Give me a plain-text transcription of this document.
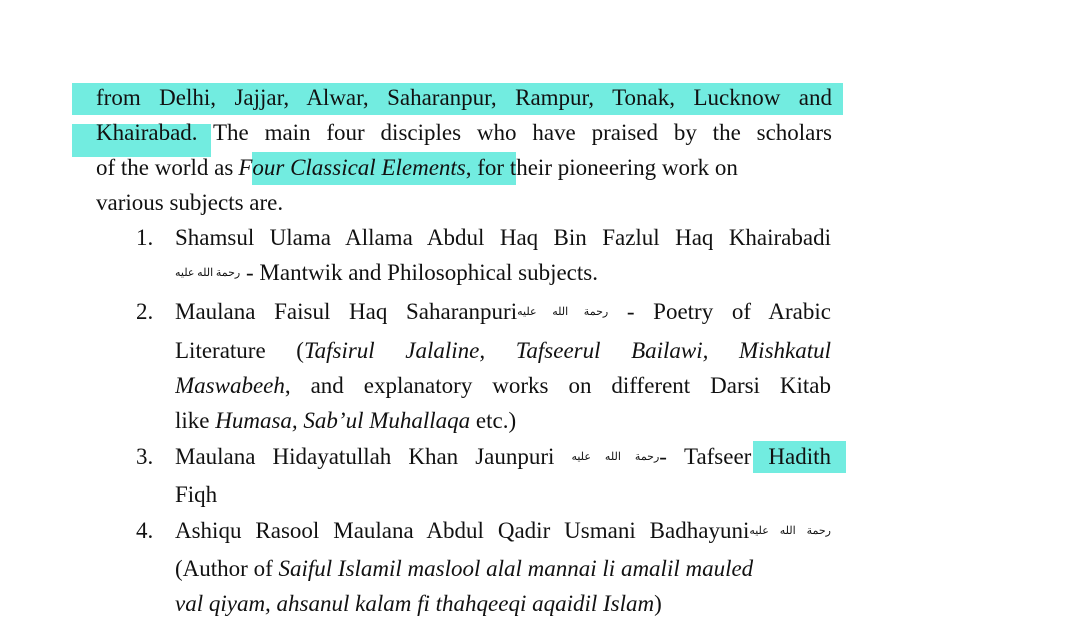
from Delhi, Jajjar, Alwar, Saharanpur, Rampur, Tonak, Lucknow and
Khairabad. The main four disciples who have praised by the scholars
of the world as Four Classical Elements, for their pioneering work on
various subjects are.
1. Shamsul Ulama Allama Abdul Haq Bin Fazlul Haq Khairabadi
رحمة الله عليه - Mantwik and Philosophical subjects.
2. Maulana Faisul Haq Saharanpuriرحمة الله عليه - Poetry of Arabic
Literature (Tafsirul Jalaline, Tafseerul Bailawi, Mishkatul
Maswabeeh, and explanatory works on different Darsi Kitab
like Humasa, Sab’ul Muhallaqa etc.)
3. Maulana Hidayatullah Khan Jaunpuri رحمة الله عليه- Tafseer Hadith
Fiqh
4. Ashiqu Rasool Maulana Abdul Qadir Usmani Badhayuniرحمة الله عليه
(Author of Saiful Islamil maslool alal mannai li amalil mauled
val qiyam, ahsanul kalam fi thahqeeqi aqaidil Islam)
